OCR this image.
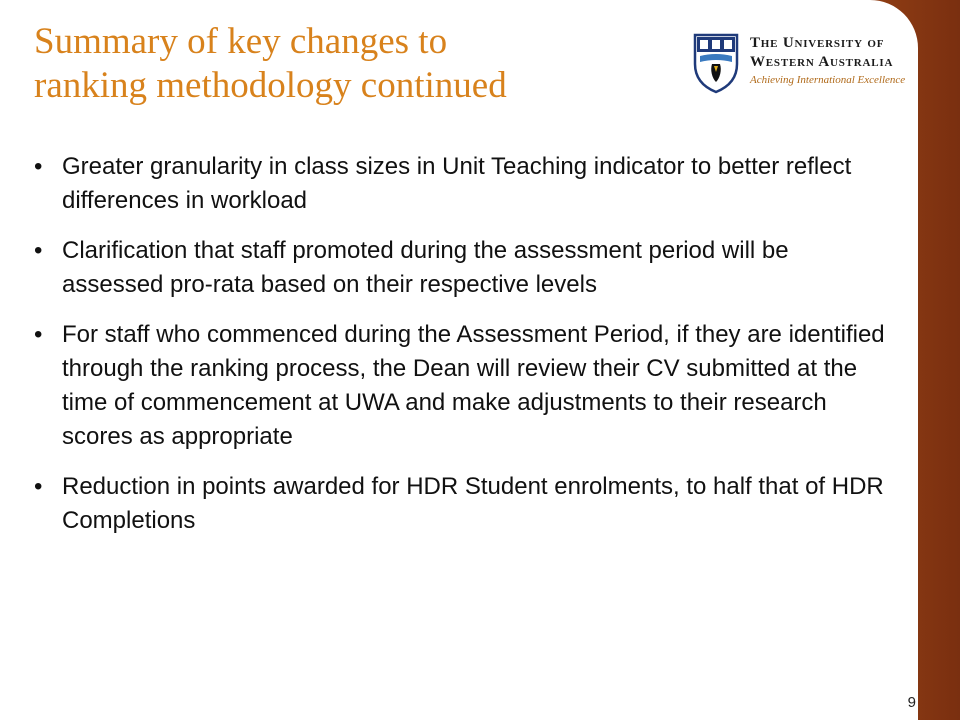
Summary of key changes to
ranking methodology continued
The University of
Western Australia
Achieving International Excellence
• Greater granularity in class sizes in Unit Teaching indicator to better reflect differences in workload
• Clarification that staff promoted during the assessment period will be assessed pro-rata based on their respective levels
• For staff who commenced during the Assessment Period, if they are identified through the ranking process, the Dean will review their CV submitted at the time of commencement at UWA and make adjustments to their research scores as appropriate
• Reduction in points awarded for HDR Student enrolments, to half that of HDR Completions
9
